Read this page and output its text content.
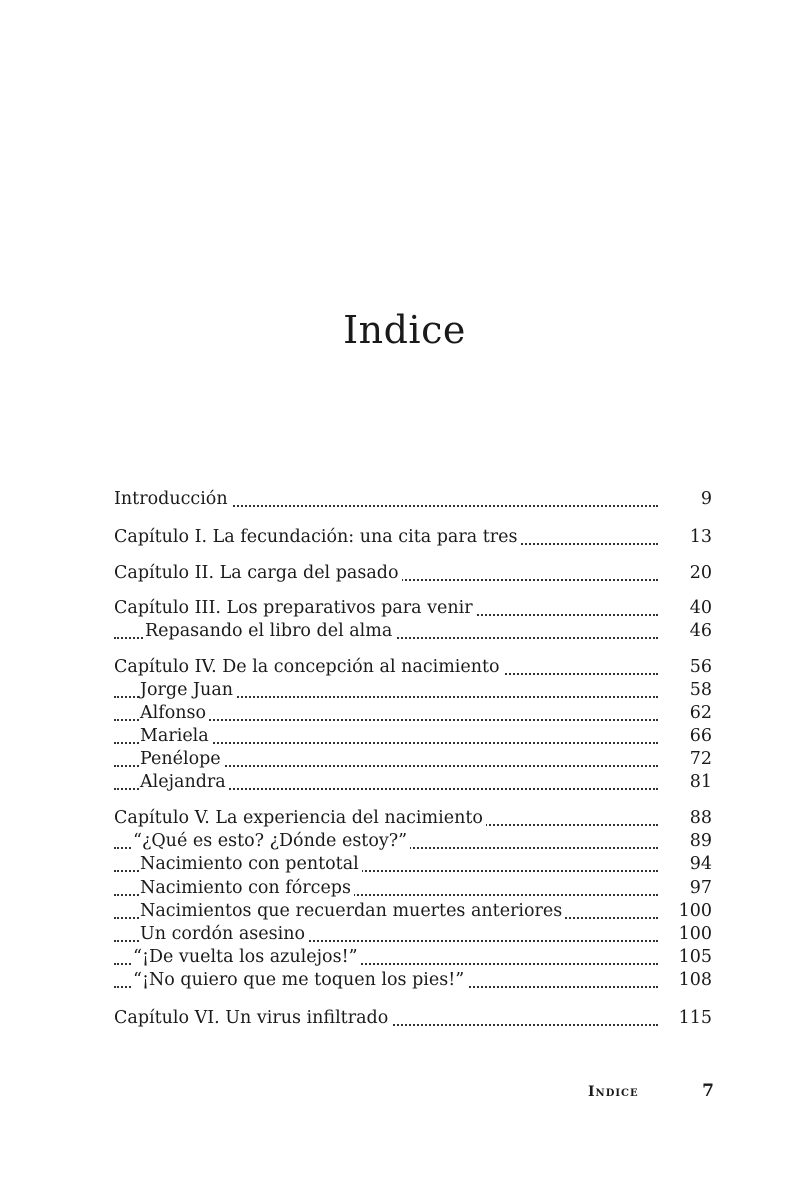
Indice
Introducción	9
Capítulo I. La fecundación: una cita para tres	13
Capítulo II. La carga del pasado	20
Capítulo III. Los preparativos para venir	40
Repasando el libro del alma	46
Capítulo IV. De la concepción al nacimiento	56
Jorge Juan	58
Alfonso	62
Mariela	66
Penélope	72
Alejandra	81
Capítulo V. La experiencia del nacimiento	88
“¿Qué es esto? ¿Dónde estoy?”	89
Nacimiento con pentotal	94
Nacimiento con fórceps	97
Nacimientos que recuerdan muertes anteriores	100
Un cordón asesino	100
“¡De vuelta los azulejos!”	105
“¡No quiero que me toquen los pies!”	108
Capítulo VI. Un virus infiltrado	115
Indice	7
